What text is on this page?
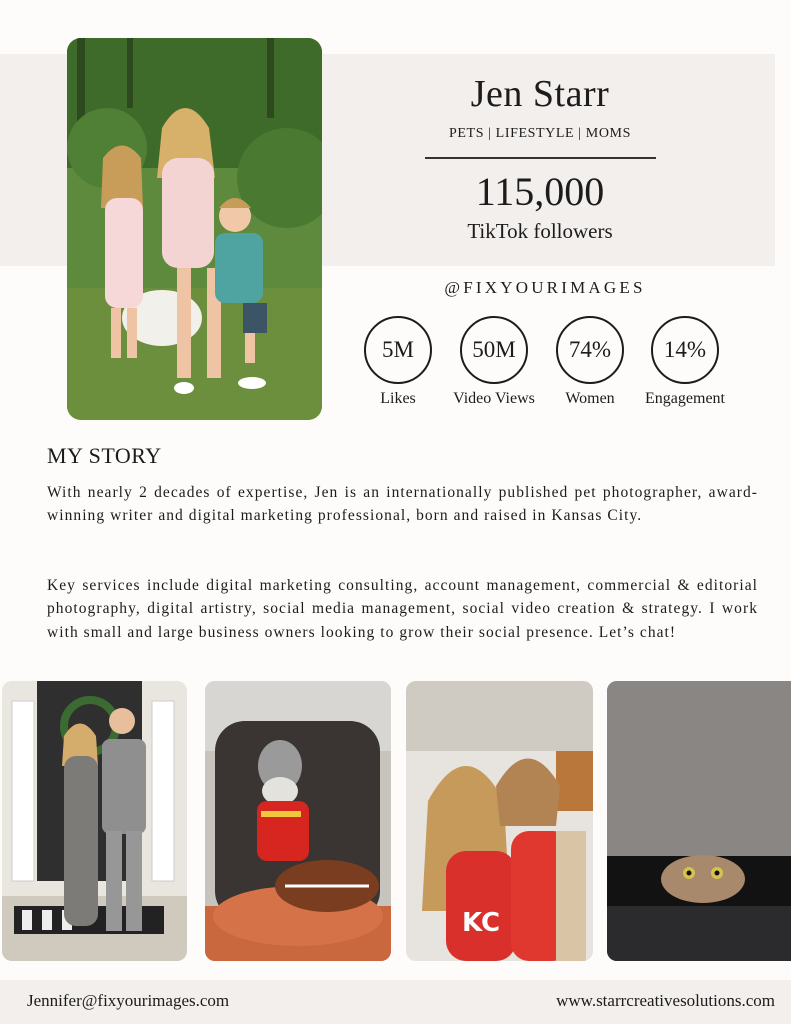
Jen Starr
PETS | LIFESTYLE | MOMS
115,000
TikTok followers
@FIXYOURIMAGES
5M
Likes
50M
Video Views
74%
Women
14%
Engagement
MY STORY

With nearly 2 decades of expertise, Jen is an internationally published pet photographer, award-winning writer and digital marketing professional, born and raised in Kansas City.

Key services include digital marketing consulting, account management, commercial & editorial photography, digital artistry, social media management, social video creation & strategy. I work with small and large business owners looking to grow their social presence. Let’s chat!

KC
Jennifer@fixyourimages.com	www.starrcreativesolutions.com
